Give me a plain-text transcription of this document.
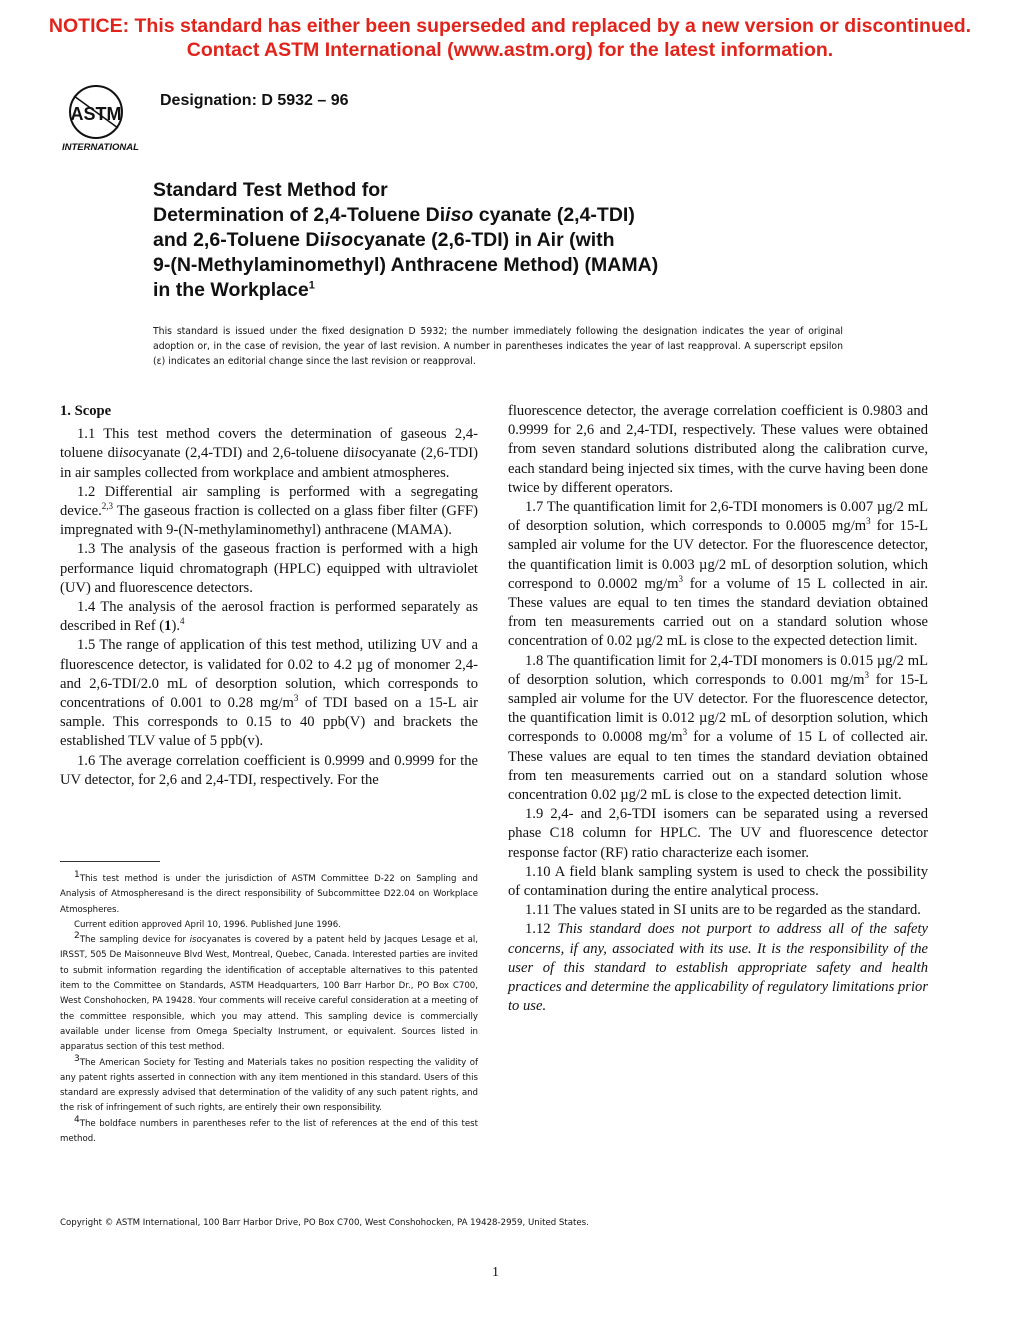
NOTICE: This standard has either been superseded and replaced by a new version or discontinued.
Contact ASTM International (www.astm.org) for the latest information.
ASTM
INTERNATIONAL
Designation: D 5932 – 96
Standard Test Method for
Determination of 2,4-Toluene Diiso cyanate (2,4-TDI)
and 2,6-Toluene Diisocyanate (2,6-TDI) in Air (with
9-(N-Methylaminomethyl) Anthracene Method) (MAMA)
in the Workplace$^1$
This standard is issued under the fixed designation D 5932; the number immediately following the designation indicates the year of original adoption or, in the case of revision, the year of last revision. A number in parentheses indicates the year of last reapproval. A superscript epsilon (ε) indicates an editorial change since the last revision or reapproval.

1. Scope

1.1 This test method covers the determination of gaseous 2,4-toluene diisocyanate (2,4-TDI) and 2,6-toluene diisocyanate (2,6-TDI) in air samples collected from workplace and ambient atmospheres.

1.2 Differential air sampling is performed with a segregating device.$^{2,3}$ The gaseous fraction is collected on a glass fiber filter (GFF) impregnated with 9-(N-methylaminomethyl) anthracene (MAMA).

1.3 The analysis of the gaseous fraction is performed with a high performance liquid chromatograph (HPLC) equipped with ultraviolet (UV) and fluorescence detectors.

1.4 The analysis of the aerosol fraction is performed separately as described in Ref (1).$^4$

1.5 The range of application of this test method, utilizing UV and a fluorescence detector, is validated for 0.02 to 4.2 µg of monomer 2,4- and 2,6-TDI/2.0 mL of desorption solution, which corresponds to concentrations of 0.001 to 0.28 $mg/m^3$ of TDI based on a 15-L air sample. This corresponds to 0.15 to 40 ppb(V) and brackets the established TLV value of 5 ppb(v).

1.6 The average correlation coefficient is 0.9999 and 0.9999 for the UV detector, for 2,6 and 2,4-TDI, respectively. For the

$^1$This test method is under the jurisdiction of ASTM Committee D-22 on Sampling and Analysis of Atmospheresand is the direct responsibility of Subcommittee D22.04 on Workplace Atmospheres.

Current edition approved April 10, 1996. Published June 1996.

$^2$The sampling device for isocyanates is covered by a patent held by Jacques Lesage et al, IRSST, 505 De Maisonneuve Blvd West, Montreal, Quebec, Canada. Interested parties are invited to submit information regarding the identification of acceptable alternatives to this patented item to the Committee on Standards, ASTM Headquarters, 100 Barr Harbor Dr., PO Box C700, West Conshohocken, PA 19428. Your comments will receive careful consideration at a meeting of the committee responsible, which you may attend. This sampling device is commercially available under license from Omega Specialty Instrument, or equivalent. Sources listed in apparatus section of this test method.

$^3$The American Society for Testing and Materials takes no position respecting the validity of any patent rights asserted in connection with any item mentioned in this standard. Users of this standard are expressly advised that determination of the validity of any such patent rights, and the risk of infringement of such rights, are entirely their own responsibility.

$^4$The boldface numbers in parentheses refer to the list of references at the end of this test method.

fluorescence detector, the average correlation coefficient is 0.9803 and 0.9999 for 2,6 and 2,4-TDI, respectively. These values were obtained from seven standard solutions distributed along the calibration curve, each standard being injected six times, with the curve having been done twice by different operators.

1.7 The quantification limit for 2,6-TDI monomers is 0.007 µg/2 mL of desorption solution, which corresponds to 0.0005 $mg/m^3$ for 15-L sampled air volume for the UV detector. For the fluorescence detector, the quantification limit is 0.003 µg/2 mL of desorption solution, which correspond to 0.0002 $mg/m^3$ for a volume of 15 L collected in air. These values are equal to ten times the standard deviation obtained from ten measurements carried out on a standard solution whose concentration of 0.02 µg/2 mL is close to the expected detection limit.

1.8 The quantification limit for 2,4-TDI monomers is 0.015 µg/2 mL of desorption solution, which corresponds to 0.001 $mg/m^3$ for 15-L sampled air volume for the UV detector. For the fluorescence detector, the quantification limit is 0.012 µg/2 mL of desorption solution, which corresponds to 0.0008 $mg/m^3$ for a volume of 15 L of collected air. These values are equal to ten times the standard deviation obtained from ten measurements carried out on a standard solution whose concentration 0.02 µg/2 mL is close to the expected detection limit.

1.9 2,4- and 2,6-TDI isomers can be separated using a reversed phase C18 column for HPLC. The UV and fluorescence detector response factor (RF) ratio characterize each isomer.

1.10 A field blank sampling system is used to check the possibility of contamination during the entire analytical process.

1.11 The values stated in SI units are to be regarded as the standard.

1.12 This standard does not purport to address all of the safety concerns, if any, associated with its use. It is the responsibility of the user of this standard to establish appropriate safety and health practices and determine the applicability of regulatory limitations prior to use.

Copyright © ASTM International, 100 Barr Harbor Drive, PO Box C700, West Conshohocken, PA 19428-2959, United States.
1
